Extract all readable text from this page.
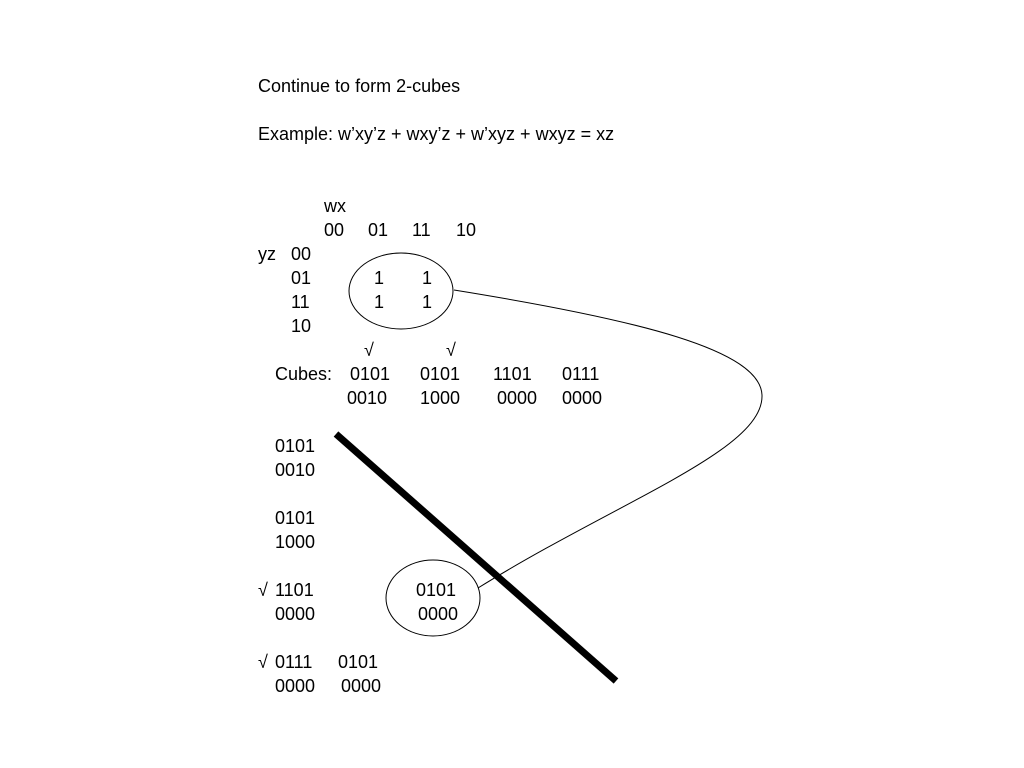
Continue to form 2-cubes
Example: w’xy’z + wxy’z + w’xyz + wxyz = xz
wx
00 01 11 10
yz 00
01
11
10
1 1
1 1
√	√
Cubes: 0101 0101 1101 0111
0010 1000 0000 0000
0101
0010
0101
1000
√ 1101
0000
0101
0000
√ 0111
0000
0101
0000
